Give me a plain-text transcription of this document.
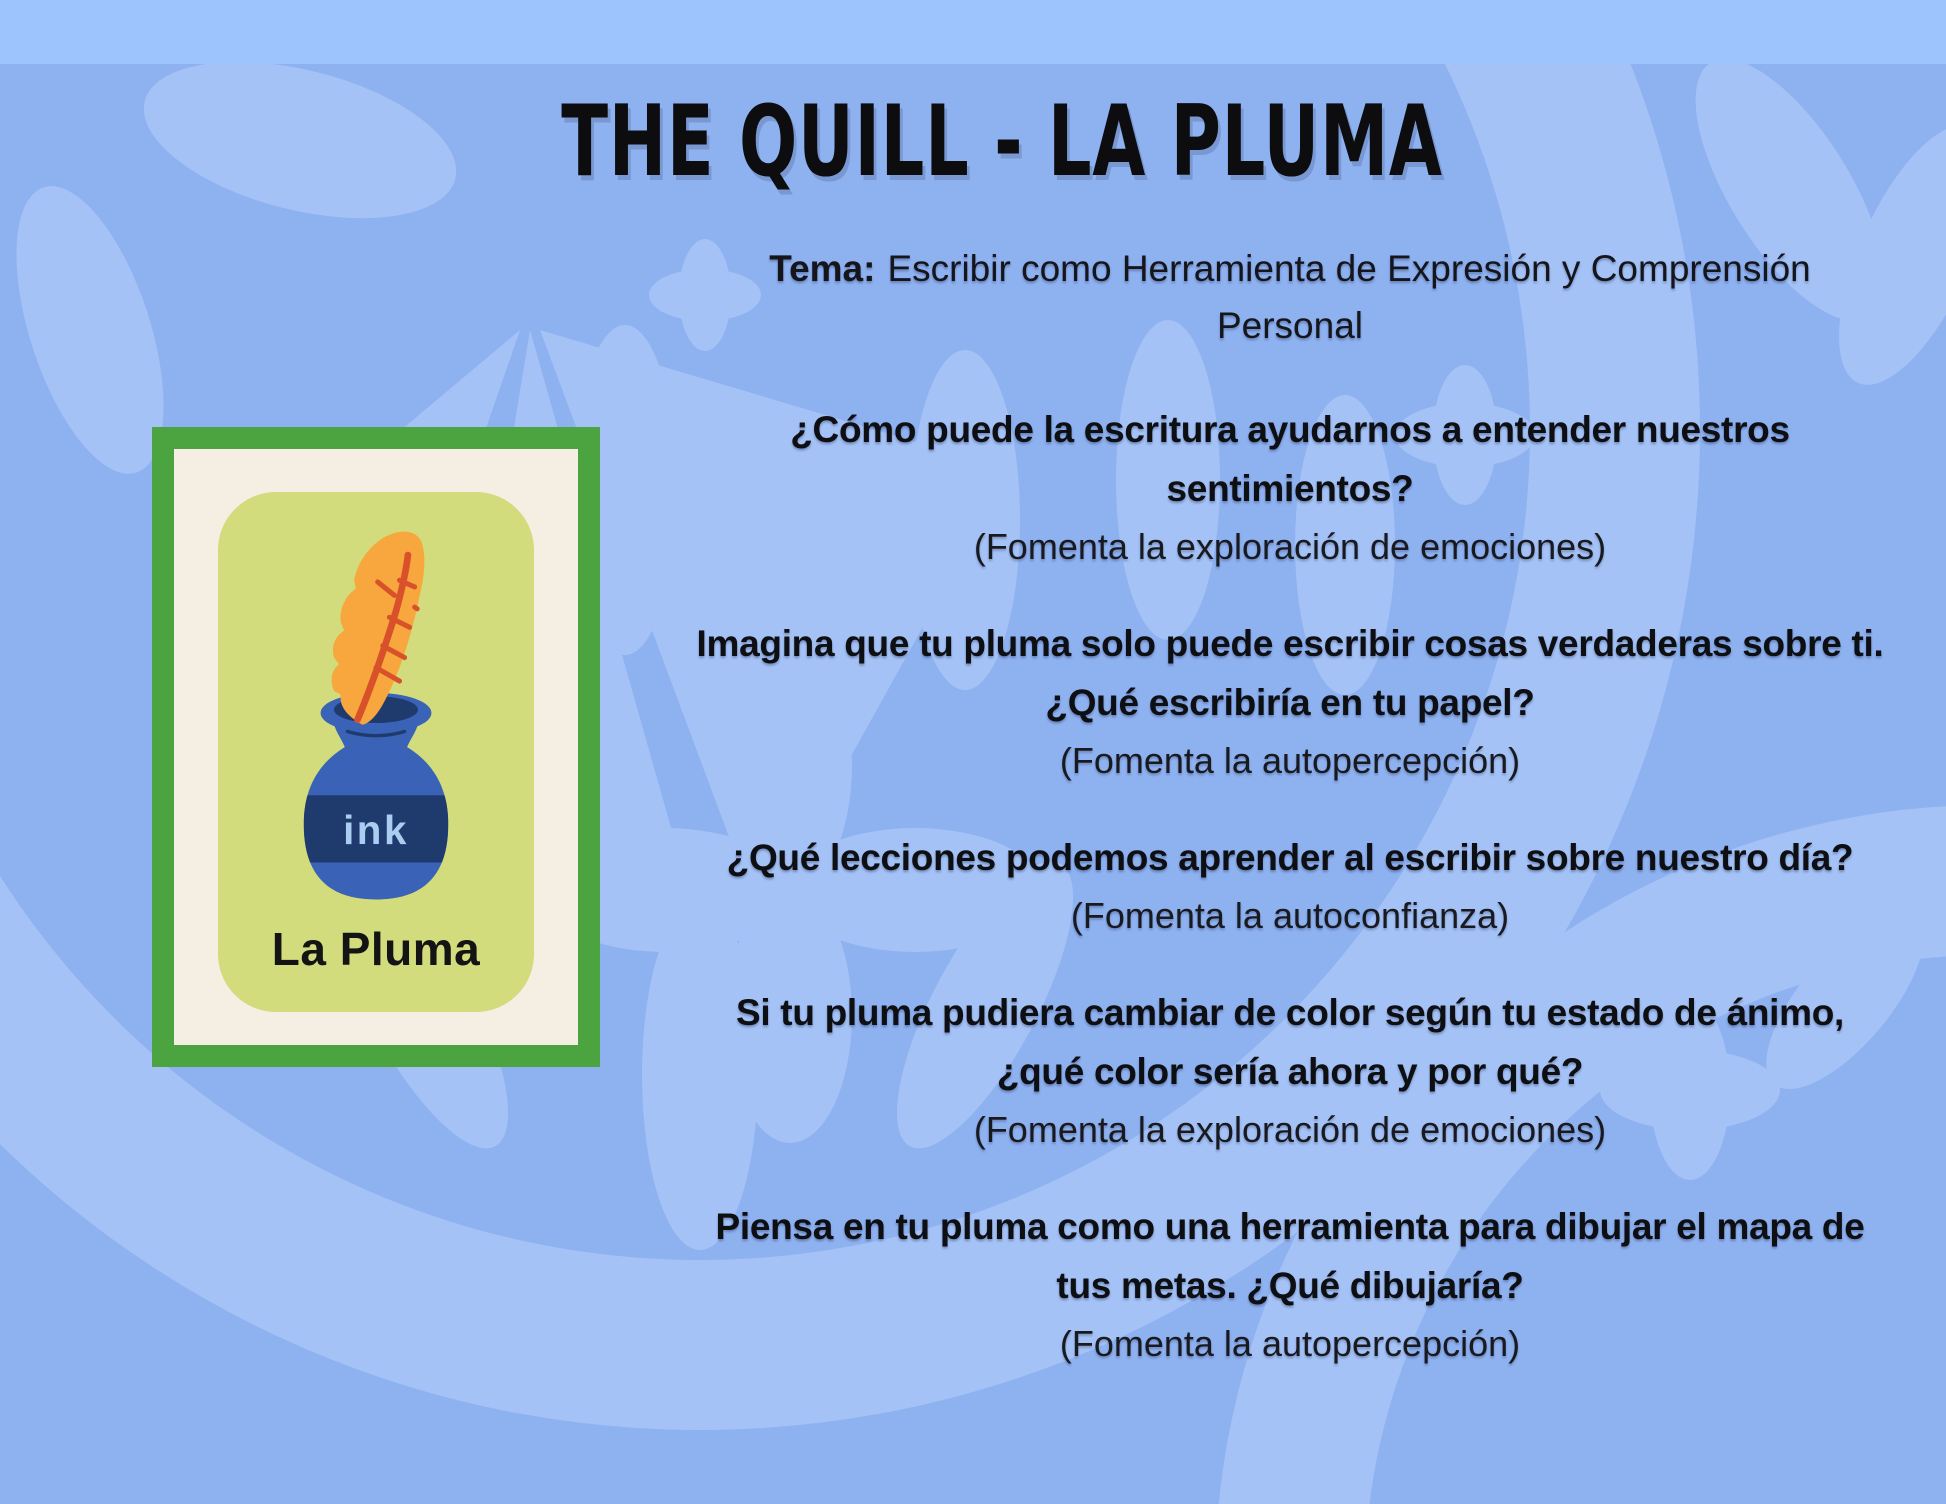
THE QUILL - LA PLUMA
ink
La Pluma
Tema: Escribir como Herramienta de Expresión y Comprensión
Personal
¿Cómo puede la escritura ayudarnos a entender nuestros
sentimientos?
(Fomenta la exploración de emociones)
Imagina que tu pluma solo puede escribir cosas verdaderas sobre ti.
¿Qué escribiría en tu papel?
(Fomenta la autopercepción)
¿Qué lecciones podemos aprender al escribir sobre nuestro día?
(Fomenta la autoconfianza)
Si tu pluma pudiera cambiar de color según tu estado de ánimo,
¿qué color sería ahora y por qué?
(Fomenta la exploración de emociones)
Piensa en tu pluma como una herramienta para dibujar el mapa de
tus metas. ¿Qué dibujaría?
(Fomenta la autopercepción)
